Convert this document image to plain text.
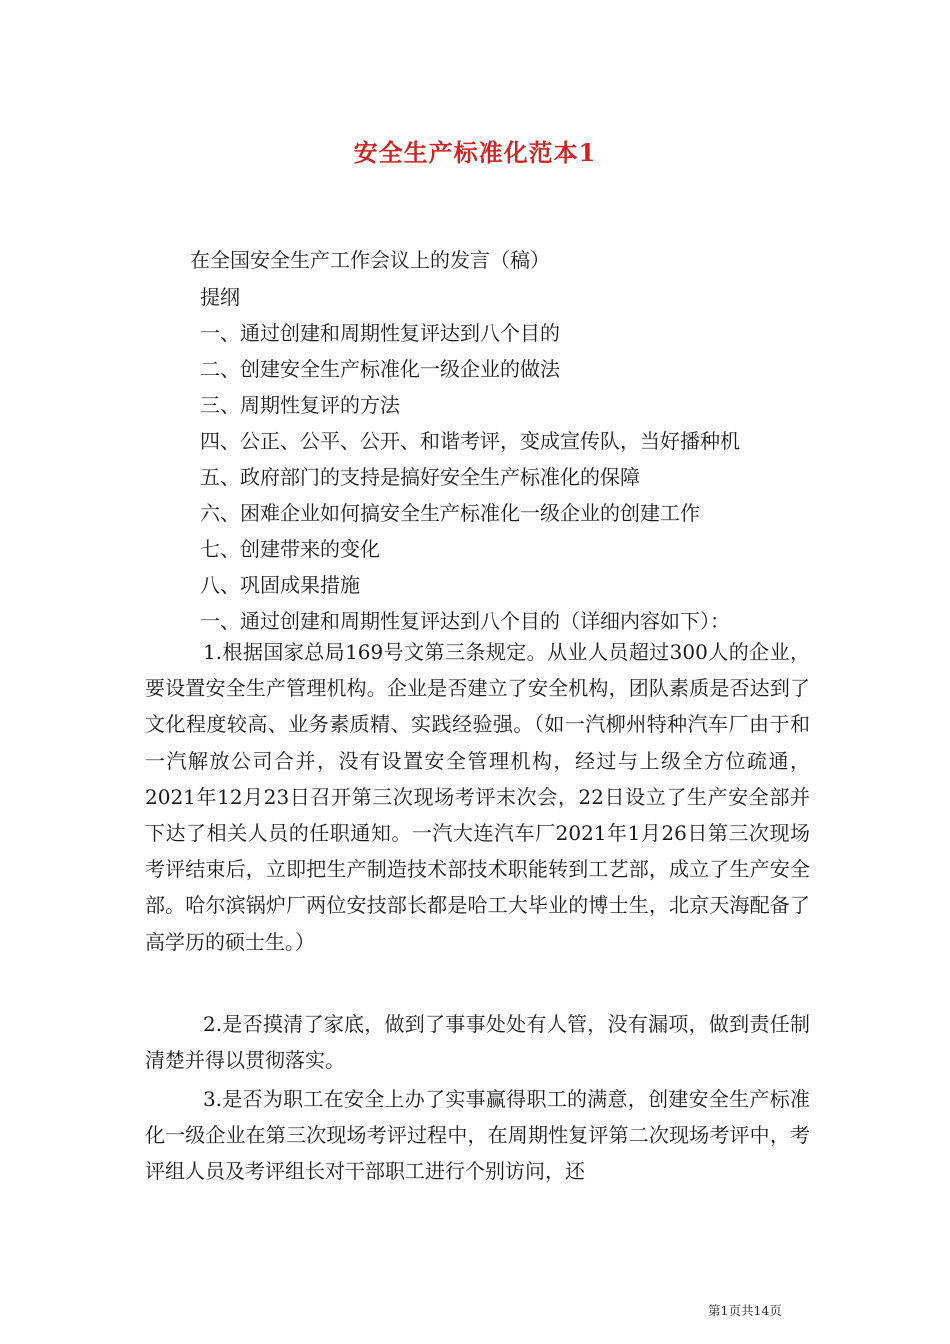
安全生产标准化范本1
在全国安全生产工作会议上的发言（稿）
提纲
一、通过创建和周期性复评达到八个目的
二、创建安全生产标准化一级企业的做法
三、周期性复评的方法
四、公正、公平、公开、和谐考评，变成宣传队，当好播种机
五、政府部门的支持是搞好安全生产标准化的保障
六、困难企业如何搞安全生产标准化一级企业的创建工作
七、创建带来的变化
八、巩固成果措施
一、通过创建和周期性复评达到八个目的（详细内容如下）：
1.根据国家总局169号文第三条规定。从业人员超过300人的企业，要设置安全生产管理机构。企业是否建立了安全机构，团队素质是否达到了文化程度较高、业务素质精、实践经验强。（如一汽柳州特种汽车厂由于和一汽解放公司合并，没有设置安全管理机构，经过与上级全方位疏通，2021年12月23日召开第三次现场考评末次会，22日设立了生产安全部并下达了相关人员的任职通知。一汽大连汽车厂2021年1月26日第三次现场考评结束后，立即把生产制造技术部技术职能转到工艺部，成立了生产安全部。哈尔滨锅炉厂两位安技部长都是哈工大毕业的博士生，北京天海配备了高学历的硕士生。）
2.是否摸清了家底，做到了事事处处有人管，没有漏项，做到责任制清楚并得以贯彻落实。
3.是否为职工在安全上办了实事赢得职工的满意，创建安全生产标准化一级企业在第三次现场考评过程中，在周期性复评第二次现场考评中，考评组人员及考评组长对干部职工进行个别访问，还
第1页共14页
